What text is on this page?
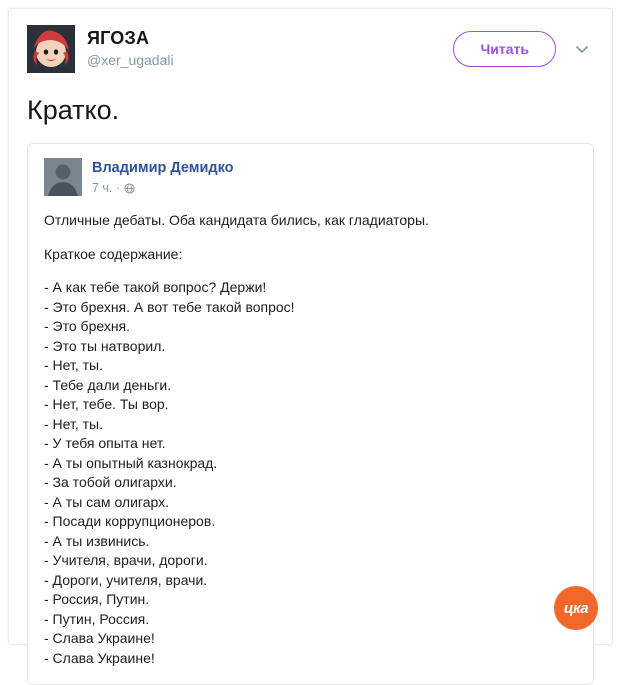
ЯГОЗА
@xer_ugadali
Читать
Кратко.
Владимир Демидко
7 ч. ·

Отличные дебаты. Оба кандидата бились, как гладиаторы.

Краткое содержание:

- А как тебе такой вопрос? Держи!
- Это брехня. А вот тебе такой вопрос!
- Это брехня.
- Это ты натворил.
- Нет, ты.
- Тебе дали деньги.
- Нет, тебе. Ты вор.
- Нет, ты.
- У тебя опыта нет.
- А ты опытный казнокрад.
- За тобой олигархи.
- А ты сам олигарх.
- Посади коррупционеров.
- А ты извинись.
- Учителя, врачи, дороги.
- Дороги, учителя, врачи.
- Россия, Путин.
- Путин, Россия.
- Слава Украине!
- Слава Украине!
цка
